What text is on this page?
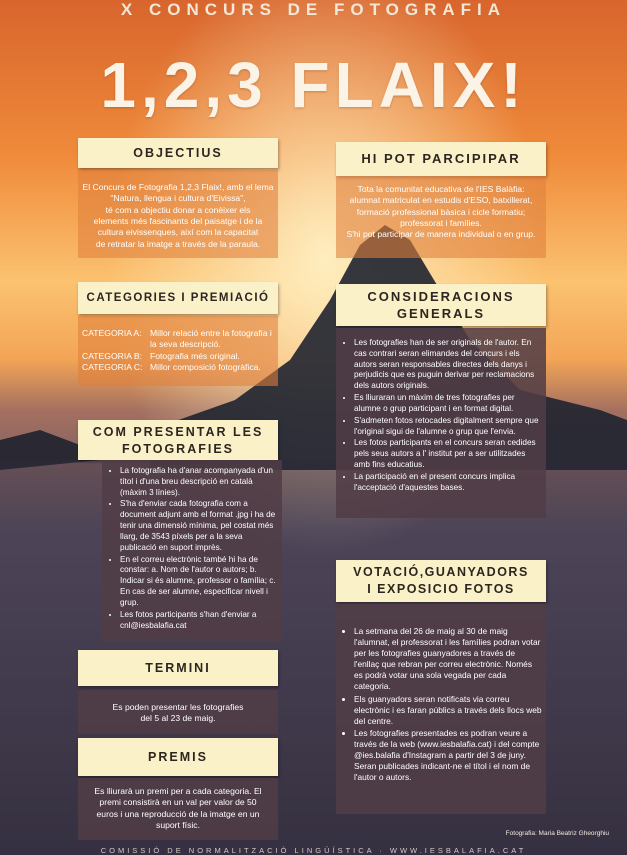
X CONCURS DE FOTOGRAFIA
1,2,3 FLAIX!
OBJECTIUS
El Concurs de Fotografia 1,2,3 Flaix!, amb el lema
"Natura, llengua i cultura d'Eivissa",
té com a objectiu donar a conèixer els
elements més fascinants del paisatge i de la
cultura eivissenques, així com la capacitat
de retratar la imatge a través de la paraula.
HI POT PARCIPIPAR
Tota la comunitat educativa de l'IES Balàfia:
alumnat matriculat en estudis d'ESO, batxillerat,
formació professional bàsica i cicle formatiu;
professorat i famílies.
S'hi pot participar de manera individual o en grup.
CATEGORIES I PREMIACIÓ
CATEGORIA A: Millor relació entre la fotografia i la seva descripció.
CATEGORIA B: Fotografia més original.
CATEGORIA C: Millor composició fotogràfica.
CONSIDERACIONS
GENERALS
• Les fotografies han de ser originals de l'autor. En cas contrari seran elimandes del concurs i els autors seran responsables directes dels danys i perjudicis que es puguin derivar per reclamacions dels autors originals.
• Es lliuraran un màxim de tres fotografies per alumne o grup participant i en format digital.
• S'admeten fotos retocades digitalment sempre que l'original sigui de l'alumne o grup que l'envia.
• Les fotos participants en el concurs seran cedides pels seus autors a l' institut per a ser utilitzades amb fins educatius.
• La participació en el present concurs implica l'acceptació d'aquestes bases.
COM PRESENTAR LES
FOTOGRAFIES
• La fotografia ha d'anar acompanyada d'un títol i d'una breu descripció en català (màxim 3 línies).
• S'ha d'enviar cada fotografia com a document adjunt amb el format .jpg i ha de tenir una dimensió mínima, pel costat més llarg, de 3543 píxels per a la seva publicació en suport imprès.
• En el correu electrònic també hi ha de constar: a. Nom de l'autor o autors; b. Indicar si és alumne, professor o família; c. En cas de ser alumne, especificar nivell i grup.
• Les fotos participants s'han d'enviar a cnl@iesbalafia.cat
VOTACIÓ,GUANYADORS
I EXPOSICIO FOTOS
• La setmana del 26 de maig al 30 de maig l'alumnat, el professorat i les famílies podran votar per les fotografies guanyadores a través de l'enllaç que rebran per correu electrònic. Només es podrà votar una sola vegada per cada categoria.
• Els guanyadors seran notificats via correu electrònic i es faran públics a través dels llocs web del centre.
• Les fotografies presentades es podran veure a través de la web (www.iesbalafia.cat) i del compte @ies.balafia d'Instagram a partir del 3 de juny. Seran publicades indicant-ne el títol i el nom de l'autor o autors.
TERMINI
Es poden presentar les fotografies
del 5 al 23 de maig.
PREMIS
Es lliurarà un premi per a cada categoria. El
premi consistirà en un val per valor de 50
euros i una reproducció de la imatge en un
suport físic.
Fotografia: Maria Beatriz Gheorghiu
COMISSIÓ DE NORMALITZACIÓ LINGÜÍSTICA · WWW.IESBALAFIA.CAT
